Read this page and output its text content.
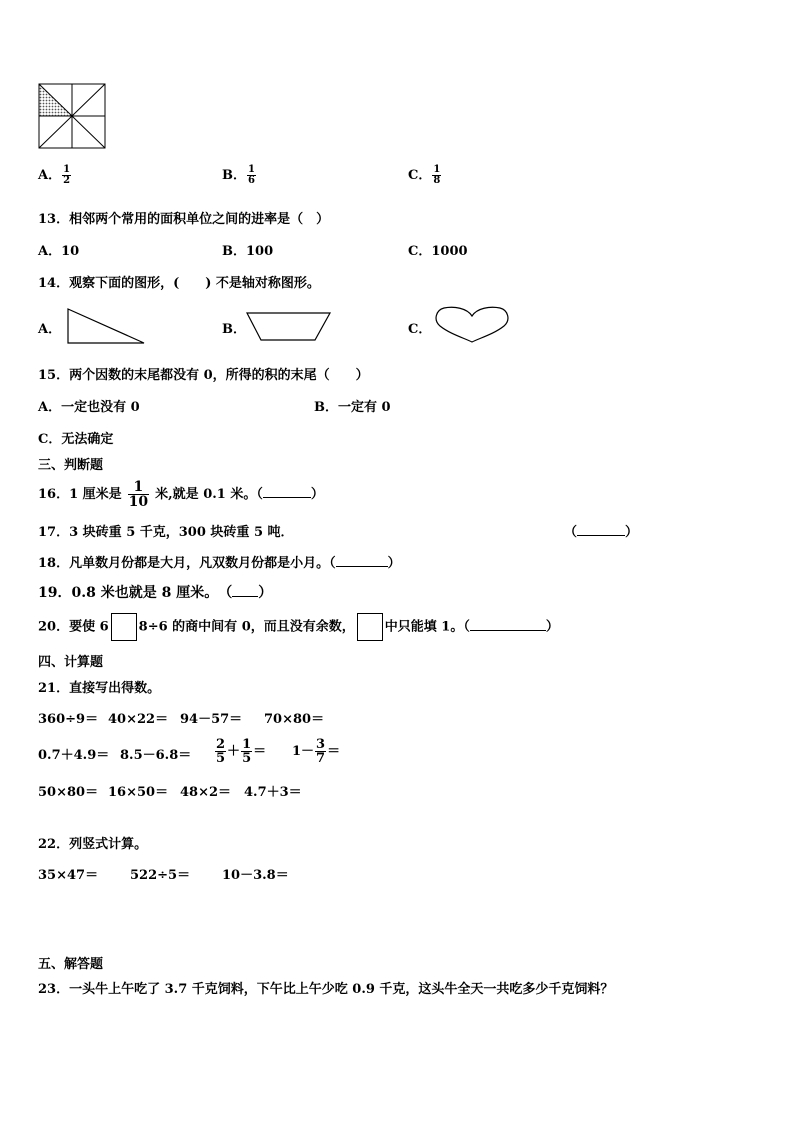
A． $\frac{1}{2}$	B． $\frac{1}{6}$	C． $\frac{1}{8}$
13．相邻两个常用的面积单位之间的进率是（　）
A．10	B．100	C．1000
14．观察下面的图形，(　　) 不是轴对称图形。
A．	B．	C．
15．两个因数的末尾都没有 0，所得的积的末尾（　　）
A．一定也没有 0	B．一定有 0
C．无法确定
三、判断题
16．1 厘米是 $\frac{1}{10}$ 米,就是 0.1 米。（	）
17．3 块砖重 5 千克，300 块砖重 5 吨．	（	）
18．凡单数月份都是大月，凡双数月份都是小月。（	）
19．0.8 米也就是 8 厘米。　（ ）
20．要使 6 8÷6 的商中间有 0，而且没有余数， 中只能填 1。（	）
四、计算题
21．直接写出得数。
360÷9＝ 40×22＝ 94－57＝ 70×80＝
$0.7+4.9= 8.5-6.8= \frac{2}{5} + \frac{1}{5} = 1- \frac{3}{7}$ ＝
50×80＝ 16×50＝ 48×2＝ 4.7＋3＝
22．列竖式计算。
35×47＝ 522÷5＝ 10－3.8＝
五、解答题
23．一头牛上午吃了 3.7 千克饲料，下午比上午少吃 0.9 千克，这头牛全天一共吃多少千克饲料？
